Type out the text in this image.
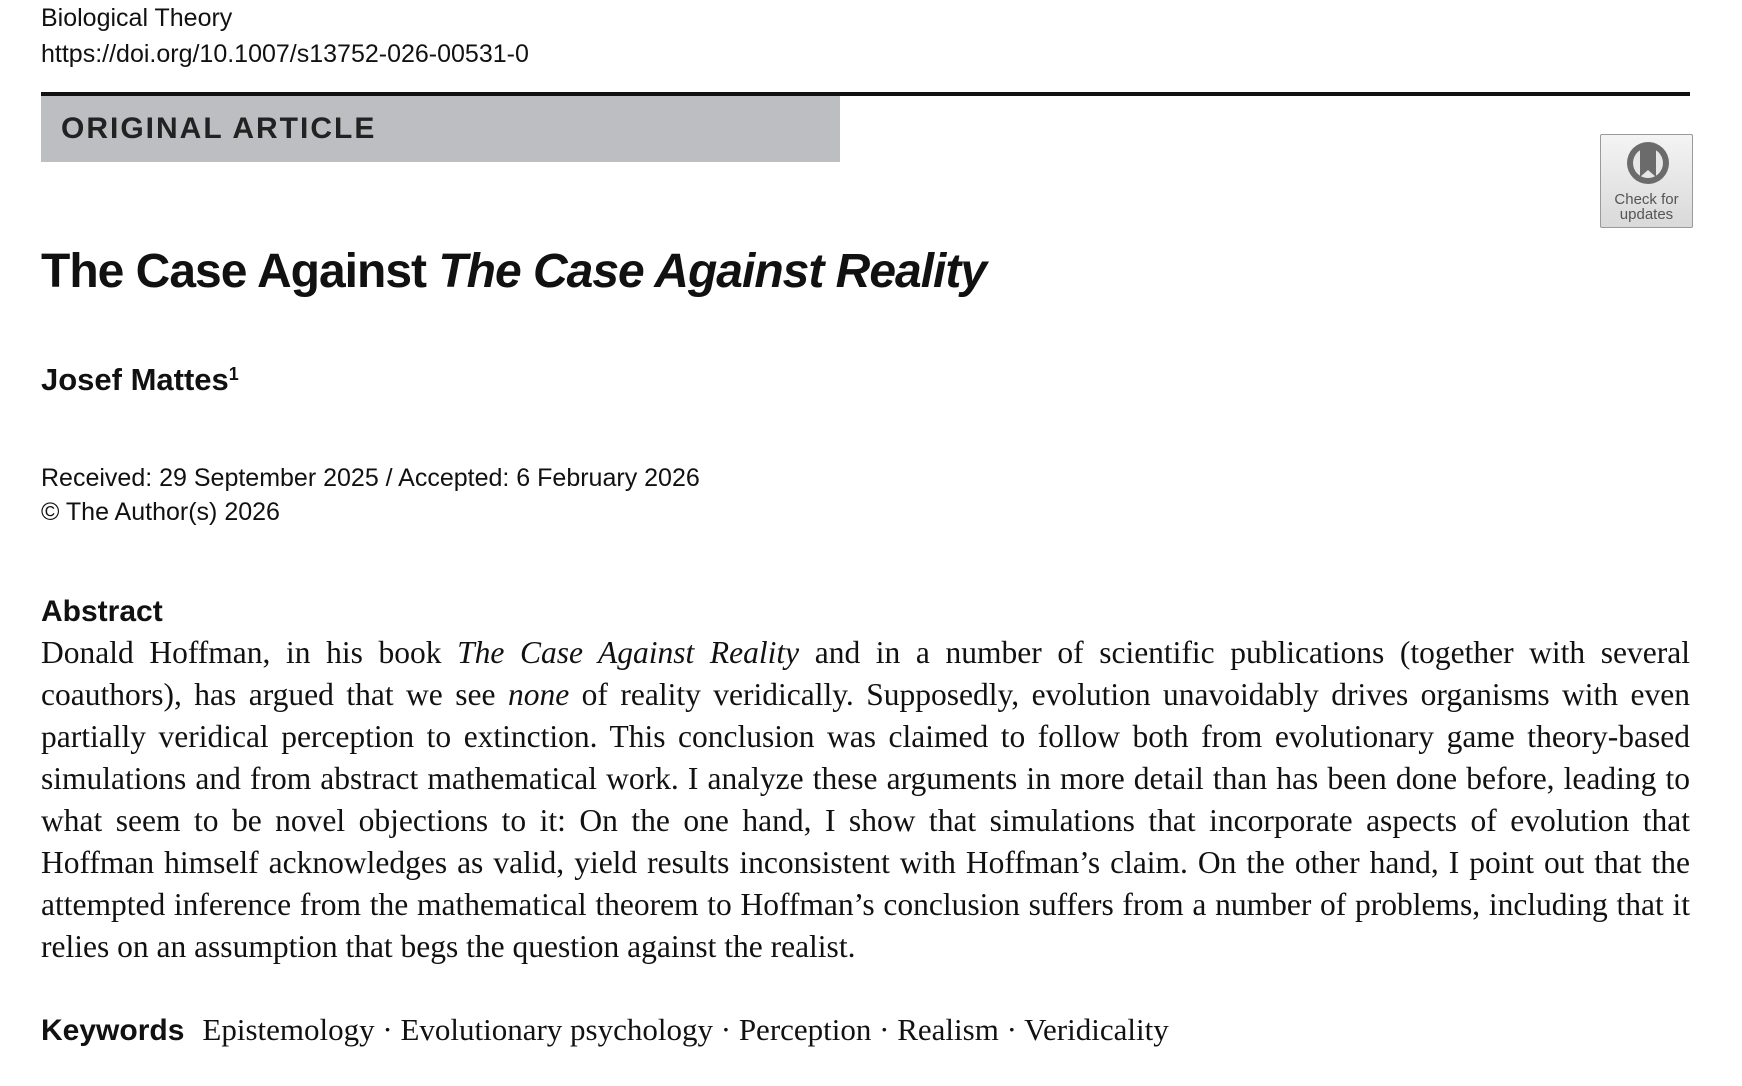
Biological Theory
https://doi.org/10.1007/s13752-026-00531-0
ORIGINAL ARTICLE
Check for
updates
The Case Against The Case Against Reality
Josef Mattes$^1$
Received: 29 September 2025 / Accepted: 6 February 2026
© The Author(s) 2026
Abstract
Donald Hoffman, in his book The Case Against Reality and in a number of scientific publications (together with several coauthors), has argued that we see none of reality veridically. Supposedly, evolution unavoidably drives organisms with even partially veridical perception to extinction. This conclusion was claimed to follow both from evolutionary game theory-based simulations and from abstract mathematical work. I analyze these arguments in more detail than has been done before, leading to what seem to be novel objections to it: On the one hand, I show that simulations that incorporate aspects of evolution that Hoffman himself acknowledges as valid, yield results inconsistent with Hoffman’s claim. On the other hand, I point out that the attempted inference from the mathematical theorem to Hoffman’s conclusion suffers from a number of problems, including that it relies on an assumption that begs the question against the realist.
Keywords Epistemology · Evolutionary psychology · Perception · Realism · Veridicality
